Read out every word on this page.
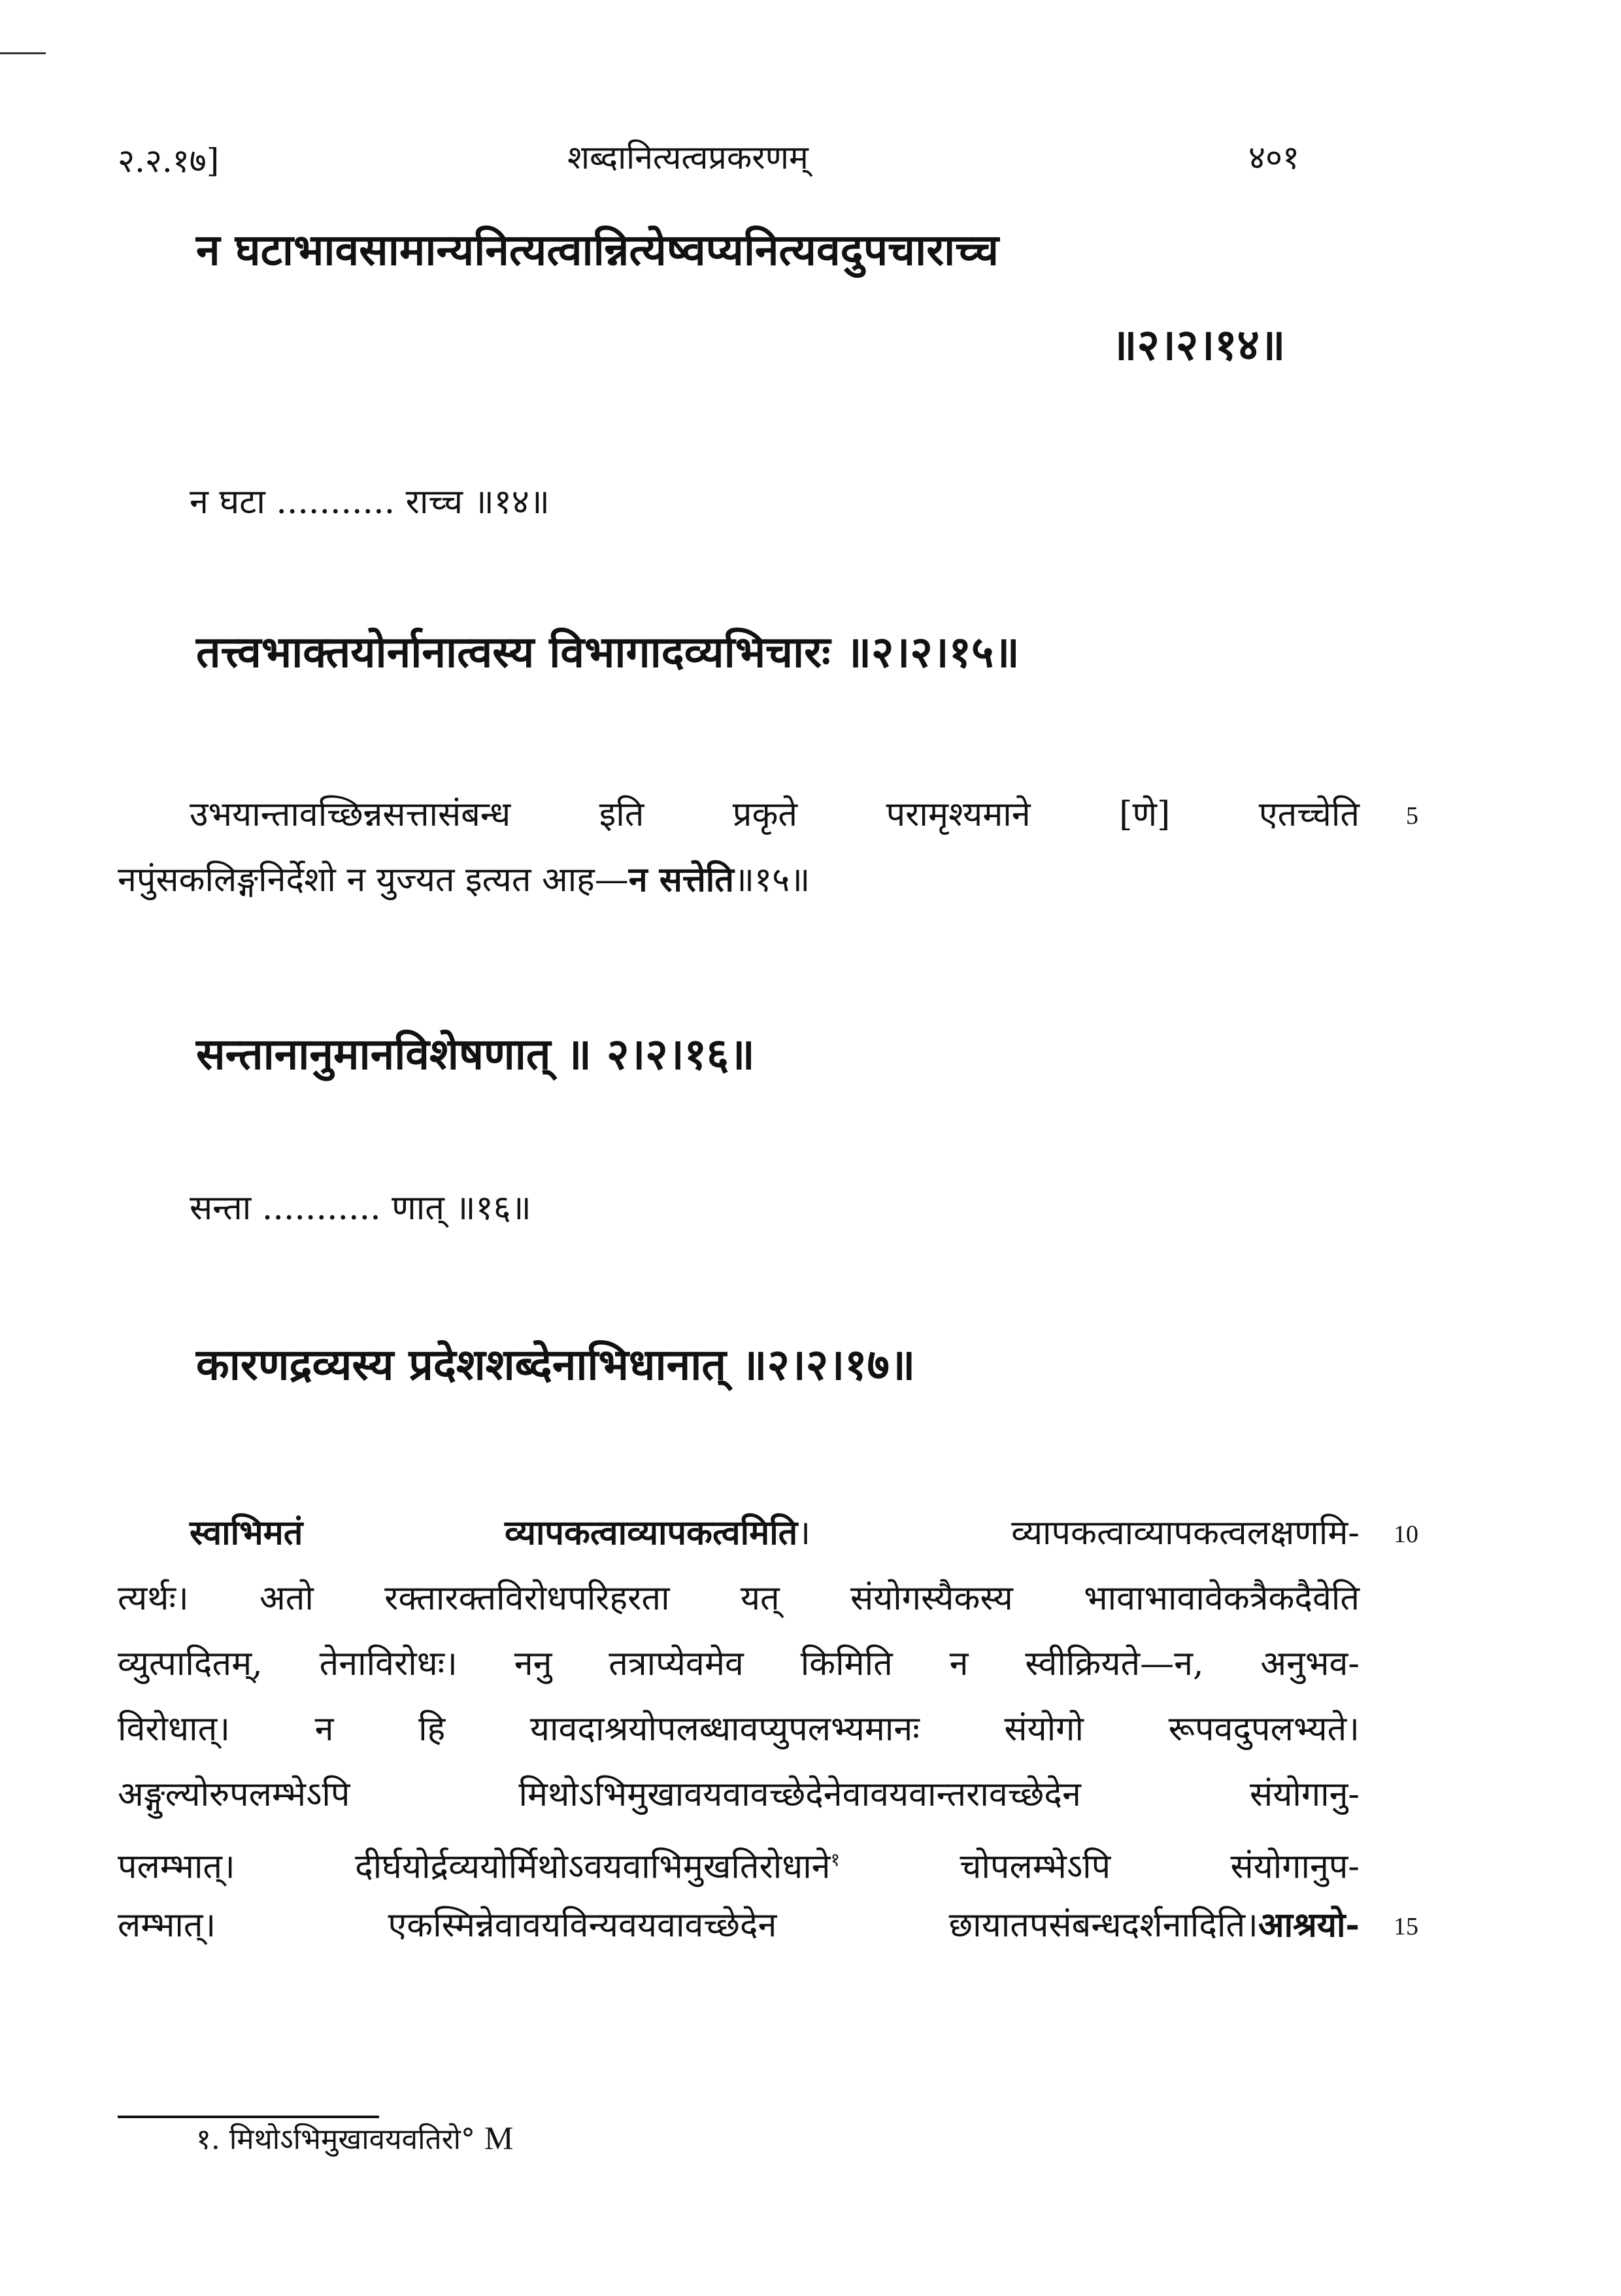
२.२.१७]	शब्दानित्यत्वप्रकरणम्	४०१
न घटाभावसामान्यनित्यत्वान्नित्येष्वप्यनित्यवदुपचाराच्च
॥२।२।१४॥
न घटा ........... राच्च ॥१४॥
तत्त्वभाक्तयोर्नानात्वस्य विभागादव्यभिचारः ॥२।२।१५॥
उभयान्तावच्छिन्नसत्तासंबन्ध इति प्रकृते परामृश्यमाने [णे] एतच्चेति
नपुंसकलिङ्गनिर्देशो न युज्यत इत्यत आह—न सत्तेति॥१५॥
5
सन्तानानुमानविशेषणात् ॥ २।२।१६॥
सन्ता ........... णात् ॥१६॥
कारणद्रव्यस्य प्रदेशशब्देनाभिधानात् ॥२।२।१७॥
स्वाभिमतं व्यापकत्वाव्यापकत्वमिति। व्यापकत्वाव्यापकत्वलक्षणमि-
त्यर्थः। अतो रक्तारक्तविरोधपरिहरता यत् संयोगस्यैकस्य भावाभावावेकत्रैकदैवेति
व्युत्पादितम्, तेनाविरोधः। ननु तत्राप्येवमेव किमिति न स्वीक्रियते—न, अनुभव-
विरोधात्। न हि यावदाश्रयोपलब्धावप्युपलभ्यमानः संयोगो रूपवदुपलभ्यते।
अङ्गुल्योरुपलम्भेऽपि मिथोऽभिमुखावयवावच्छेदेनेवावयवान्तरावच्छेदेन संयोगानु-
पलम्भात्। दीर्घयोर्द्रव्ययोर्मिथोऽवयवाभिमुखतिरोधाने$^१$ चोपलम्भेऽपि संयोगानुप-
लम्भात्। एकस्मिन्नेवावयविन्यवयवावच्छेदेन छायातपसंबन्धदर्शनादिति।आश्रयो-
10
15
१. मिथोऽभिमुखावयवतिरो° M
